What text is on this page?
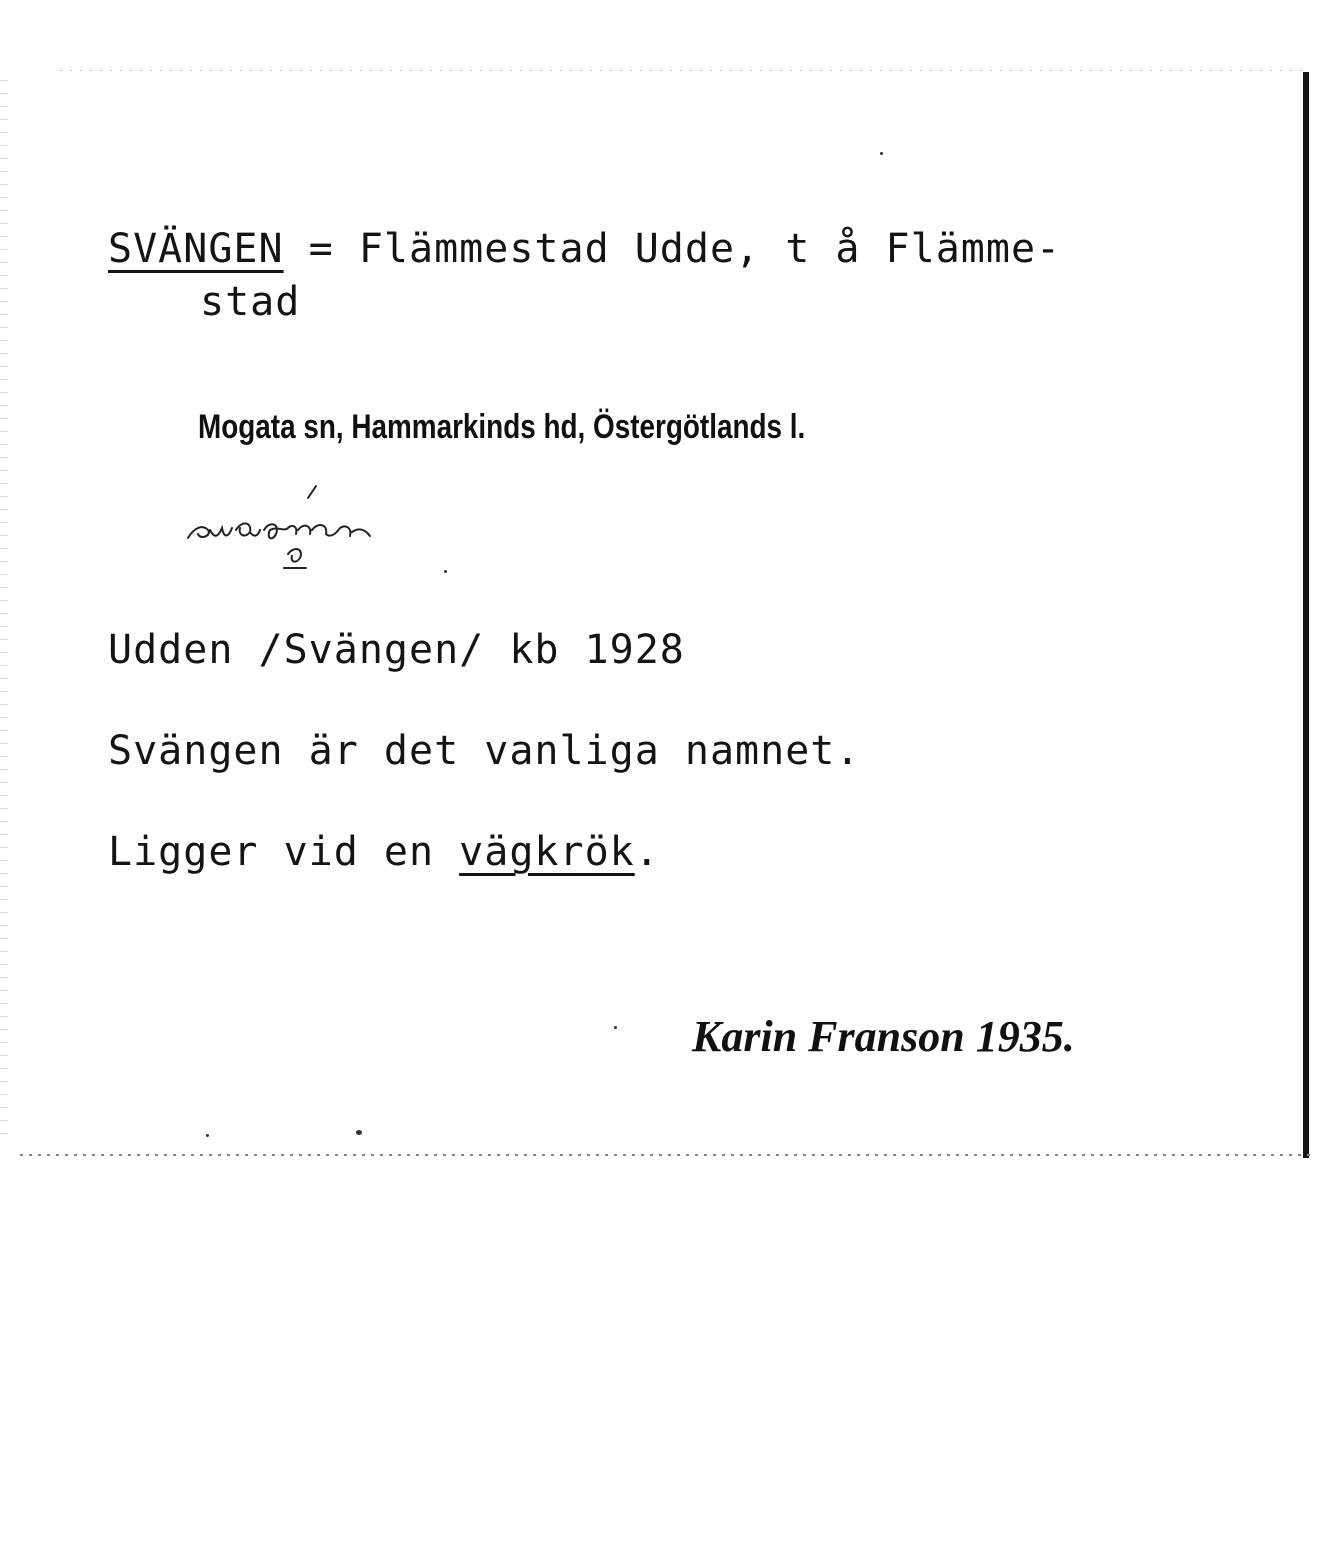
SVÄNGEN = Flämmestad Udde, t å Flämme-
stad
Mogata sn, Hammarkinds hd, Östergötlands l.
Udden /Svängen/ kb 1928
Svängen är det vanliga namnet.
Ligger vid en vägkrök.
Karin Franson 1935.
